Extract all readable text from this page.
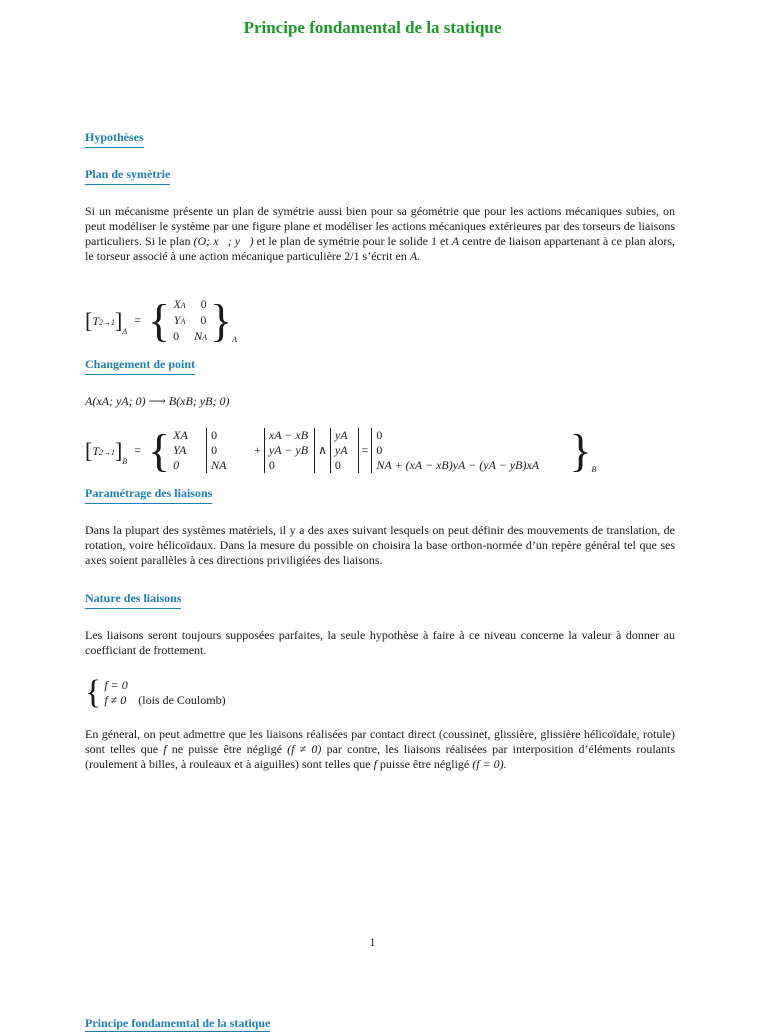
Principe fondamental de la statique
Hypothèses
Plan de symètrie
Si un mécanisme présente un plan de symétrie aussi bien pour sa géométrie que pour les actions mécaniques subies, on peut modéliser le système par une figure plane et modéliser les actions mécaniques extérieures par des torseurs de liaisons particuliers. Si le plan (O; x⃗; y⃗) et le plan de symétrie pour le solide 1 et A centre de liaison appartenant à ce plan alors, le torseur associé à une action mécanique particulière 2/1 s’écrit en A.
[T2→1]A = { XA 0
YA 0
0 NA }A
Changement de point
A(xA; yA; 0) ⟶ B(xB; yB; 0)
[T2→1]B = { XA
YA
0

0
0
NA
+
xA − xB
yA − yB
0
∧
yA
yA
0
=
0
0
NA + (xA − xB)yA − (yA − yB)xA }B
Paramétrage des liaisons
Dans la plupart des systèmes matériels, il y a des axes suivant lesquels on peut définir des mouvements de translation, de rotation, voire hélicoïdaux. Dans la mesure du possible on choisira la base orthon-normée d’un repère général tel que ses axes soient parallèles à ces directions priviligiées des liaisons.
Nature des liaisons
Les liaisons seront toujours supposées parfaites, la seule hypothèse à faire à ce niveau concerne la valeur à donner au coefficiant de frottement.
{ f = 0
f ≠ 0 (lois de Coulomb)
En géneral, on peut admettre que les liaisons réalisées par contact direct (coussinet, glissière, glissière hélicoïdale, rotule) sont telles que f ne puisse être négligé (f ≠ 0) par contre, les liaisons réalisées par interposition d’éléments roulants (roulement à billes, à rouleaux et à aiguilles) sont telles que f puisse être négligé (f = 0).
1
Principe fondamemtal de la statique
